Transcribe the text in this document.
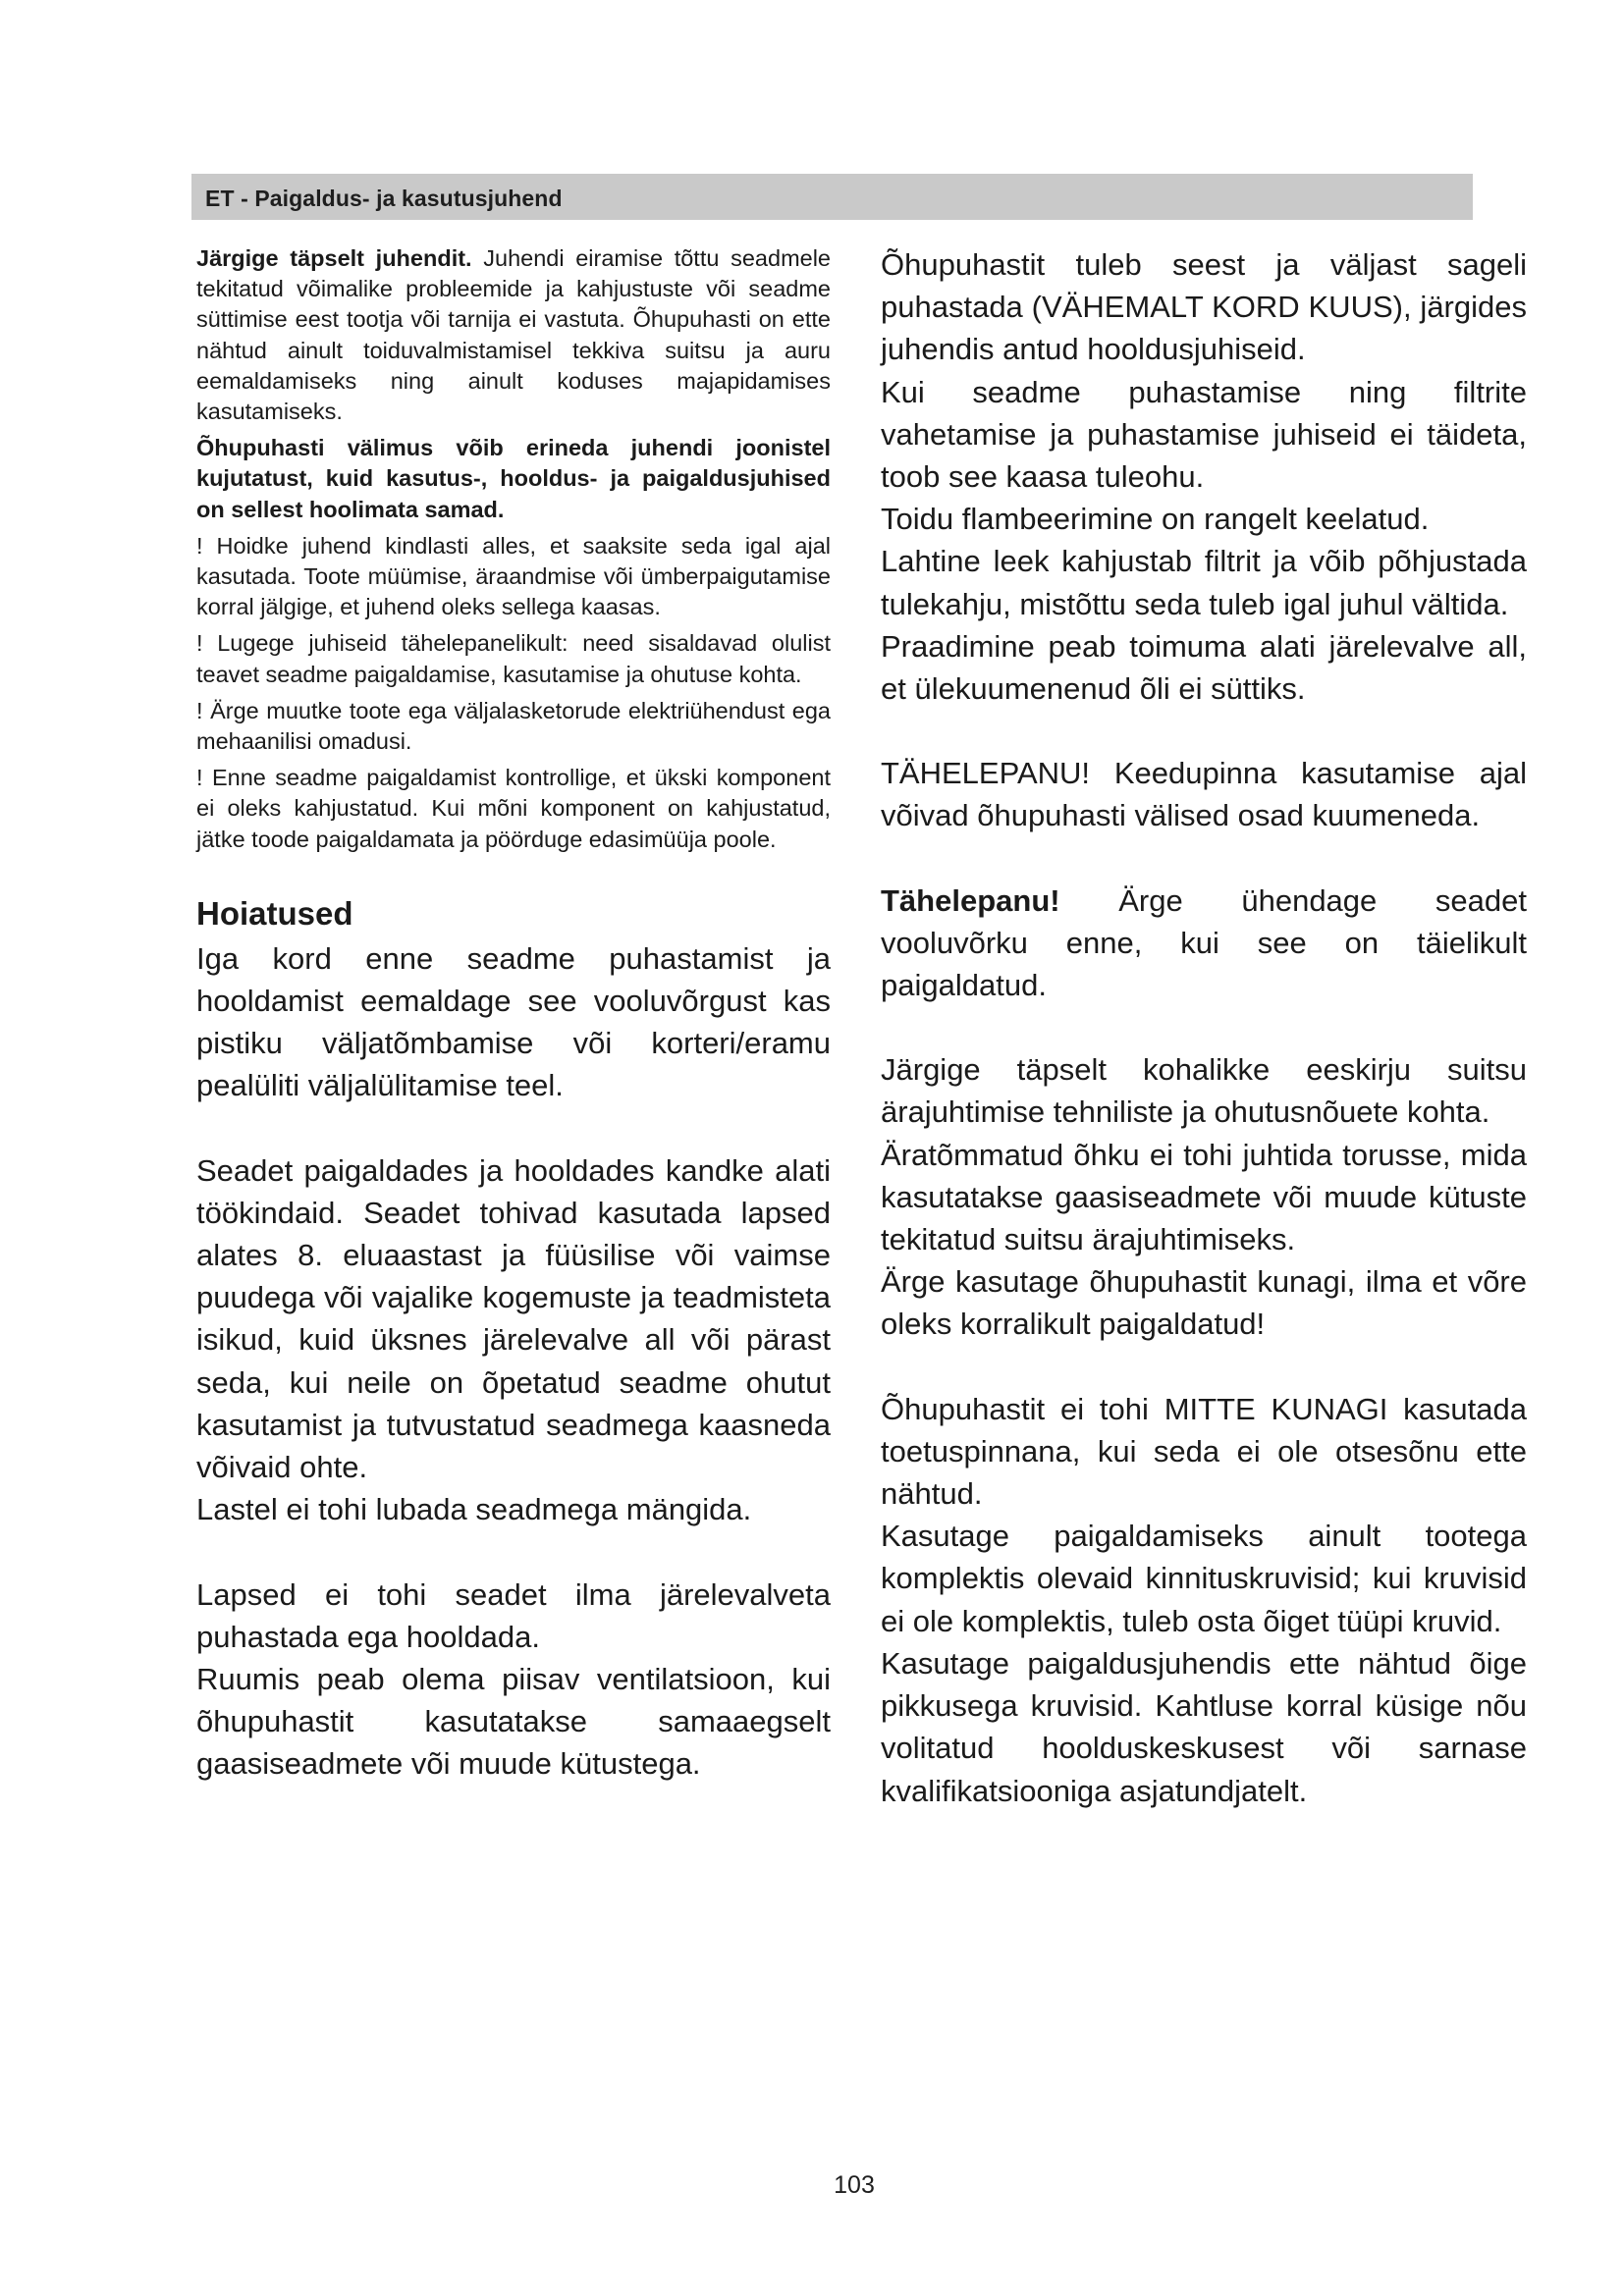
ET - Paigaldus- ja kasutusjuhend

Järgige täpselt juhendit. Juhendi eiramise tõttu seadmele tekitatud võimalike probleemide ja kahjustuste või seadme süttimise eest tootja või tarnija ei vastuta. Õhupuhasti on ette nähtud ainult toiduvalmistamisel tekkiva suitsu ja auru eemaldamiseks ning ainult koduses majapidamises kasutamiseks.

Õhupuhasti välimus võib erineda juhendi joonistel kujutatust, kuid kasutus-, hooldus- ja paigaldusjuhised on sellest hoolimata samad.

! Hoidke juhend kindlasti alles, et saaksite seda igal ajal kasutada. Toote müümise, äraandmise või ümberpaigutamise korral jälgige, et juhend oleks sellega kaasas.

! Lugege juhiseid tähelepanelikult: need sisaldavad olulist teavet seadme paigaldamise, kasutamise ja ohutuse kohta.

! Ärge muutke toote ega väljalasketorude elektriühendust ega mehaanilisi omadusi.

! Enne seadme paigaldamist kontrollige, et ükski komponent ei oleks kahjustatud. Kui mõni komponent on kahjustatud, jätke toode paigaldamata ja pöörduge edasimüüja poole.

Hoiatused

Iga kord enne seadme puhastamist ja hooldamist eemaldage see vooluvõrgust kas pistiku väljatõmbamise või korteri/eramu pealüliti väljalülitamise teel.

Seadet paigaldades ja hooldades kandke alati töökindaid. Seadet tohivad kasutada lapsed alates 8. eluaastast ja füüsilise või vaimse puudega või vajalike kogemuste ja teadmisteta isikud, kuid üksnes järelevalve all või pärast seda, kui neile on õpetatud seadme ohutut kasutamist ja tutvustatud seadmega kaasneda võivaid ohte.

Lastel ei tohi lubada seadmega mängida.

Lapsed ei tohi seadet ilma järelevalveta puhastada ega hooldada.

Ruumis peab olema piisav ventilatsioon, kui õhupuhastit kasutatakse samaaegselt gaasiseadmete või muude kütustega.

Õhupuhastit tuleb seest ja väljast sageli puhastada (VÄHEMALT KORD KUUS), järgides juhendis antud hooldusjuhiseid.

Kui seadme puhastamise ning filtrite vahetamise ja puhastamise juhiseid ei täideta, toob see kaasa tuleohu.

Toidu flambeerimine on rangelt keelatud.

Lahtine leek kahjustab filtrit ja võib põhjustada tulekahju, mistõttu seda tuleb igal juhul vältida.

Praadimine peab toimuma alati järelevalve all, et ülekuumenenud õli ei süttiks.

TÄHELEPANU! Keedupinna kasutamise ajal võivad õhupuhasti välised osad kuumeneda.

Tähelepanu! Ärge ühendage seadet vooluvõrku enne, kui see on täielikult paigaldatud.

Järgige täpselt kohalikke eeskirju suitsu ärajuhtimise tehniliste ja ohutusnõuete kohta.

Äratõmmatud õhku ei tohi juhtida torusse, mida kasutatakse gaasiseadmete või muude kütuste tekitatud suitsu ärajuhtimiseks.

Ärge kasutage õhupuhastit kunagi, ilma et võre oleks korralikult paigaldatud!

Õhupuhastit ei tohi MITTE KUNAGI kasutada toetuspinnana, kui seda ei ole otsesõnu ette nähtud.

Kasutage paigaldamiseks ainult tootega komplektis olevaid kinnituskruvisid; kui kruvisid ei ole komplektis, tuleb osta õiget tüüpi kruvid.

Kasutage paigaldusjuhendis ette nähtud õige pikkusega kruvisid. Kahtluse korral küsige nõu volitatud hoolduskeskusest või sarnase kvalifikatsiooniga asjatundjatelt.

103
